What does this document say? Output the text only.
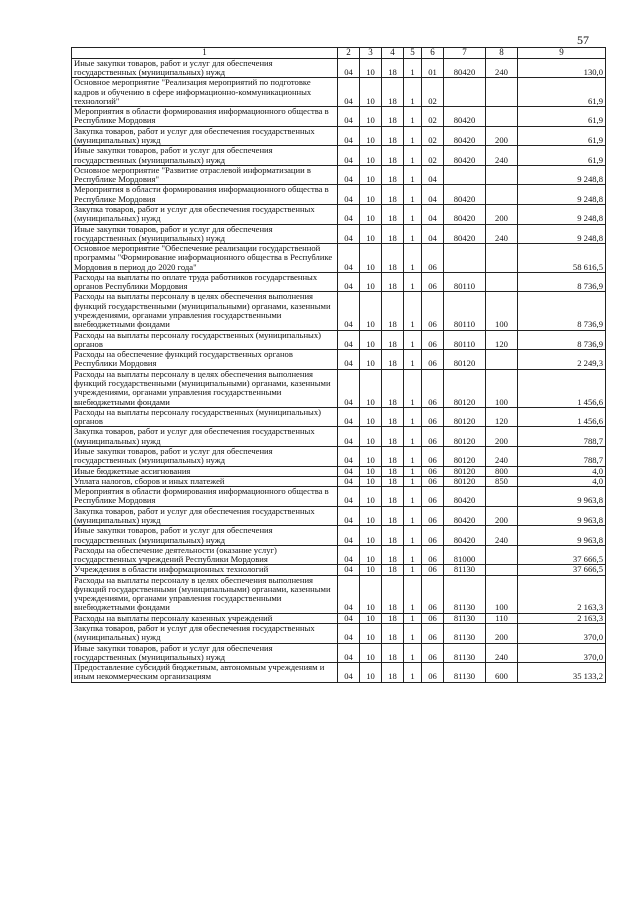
57
1	2	3	4	5	6	7	8	9
Иные закупки товаров, работ и услуг для обеспечения государственных (муниципальных) нужд	04	10	18	1	01	80420	240	130,0
Основное мероприятие "Реализация мероприятий по подготовке кадров и обучению в сфере информационно-коммуникационных технологий"	04	10	18	1	02			61,9
Мероприятия в области формирования информационного общества в Республике Мордовия	04	10	18	1	02	80420		61,9
Закупка товаров, работ и услуг для обеспечения государственных (муниципальных) нужд	04	10	18	1	02	80420	200	61,9
Иные закупки товаров, работ и услуг для обеспечения государственных (муниципальных) нужд	04	10	18	1	02	80420	240	61,9
Основное мероприятие "Развитие отраслевой информатизации в Республике Мордовия"	04	10	18	1	04			9 248,8
Мероприятия в области формирования информационного общества в Республике Мордовия	04	10	18	1	04	80420		9 248,8
Закупка товаров, работ и услуг для обеспечения государственных (муниципальных) нужд	04	10	18	1	04	80420	200	9 248,8
Иные закупки товаров, работ и услуг для обеспечения государственных (муниципальных) нужд	04	10	18	1	04	80420	240	9 248,8
Основное мероприятие "Обеспечение реализации государственной программы "Формирование информационного общества в Республике Мордовия в период до 2020 года"	04	10	18	1	06			58 616,5
Расходы на выплаты по оплате труда работников государственных органов Республики Мордовия	04	10	18	1	06	80110		8 736,9
Расходы на выплаты персоналу в целях обеспечения выполнения функций государственными (муниципальными) органами, казенными учреждениями, органами управления государственными внебюджетными фондами	04	10	18	1	06	80110	100	8 736,9
Расходы на выплаты персоналу государственных (муниципальных) органов	04	10	18	1	06	80110	120	8 736,9
Расходы на обеспечение функций государственных органов Республики Мордовия	04	10	18	1	06	80120		2 249,3
Расходы на выплаты персоналу в целях обеспечения выполнения функций государственными (муниципальными) органами, казенными учреждениями, органами управления государственными внебюджетными фондами	04	10	18	1	06	80120	100	1 456,6
Расходы на выплаты персоналу государственных (муниципальных) органов	04	10	18	1	06	80120	120	1 456,6
Закупка товаров, работ и услуг для обеспечения государственных (муниципальных) нужд	04	10	18	1	06	80120	200	788,7
Иные закупки товаров, работ и услуг для обеспечения государственных (муниципальных) нужд	04	10	18	1	06	80120	240	788,7
Иные бюджетные ассигнования	04	10	18	1	06	80120	800	4,0
Уплата налогов, сборов и иных платежей	04	10	18	1	06	80120	850	4,0
Мероприятия в области формирования информационного общества в Республике Мордовия	04	10	18	1	06	80420		9 963,8
Закупка товаров, работ и услуг для обеспечения государственных (муниципальных) нужд	04	10	18	1	06	80420	200	9 963,8
Иные закупки товаров, работ и услуг для обеспечения государственных (муниципальных) нужд	04	10	18	1	06	80420	240	9 963,8
Расходы на обеспечение деятельности (оказание услуг) государственных учреждений Республики Мордовия	04	10	18	1	06	81000		37 666,5
Учреждения в области информационных технологий	04	10	18	1	06	81130		37 666,5
Расходы на выплаты персоналу в целях обеспечения выполнения функций государственными (муниципальными) органами, казенными учреждениями, органами управления государственными внебюджетными фондами	04	10	18	1	06	81130	100	2 163,3
Расходы на выплаты персоналу казенных учреждений	04	10	18	1	06	81130	110	2 163,3
Закупка товаров, работ и услуг для обеспечения государственных (муниципальных) нужд	04	10	18	1	06	81130	200	370,0
Иные закупки товаров, работ и услуг для обеспечения государственных (муниципальных) нужд	04	10	18	1	06	81130	240	370,0
Предоставление субсидий бюджетным, автономным учреждениям и иным некоммерческим организациям	04	10	18	1	06	81130	600	35 133,2
